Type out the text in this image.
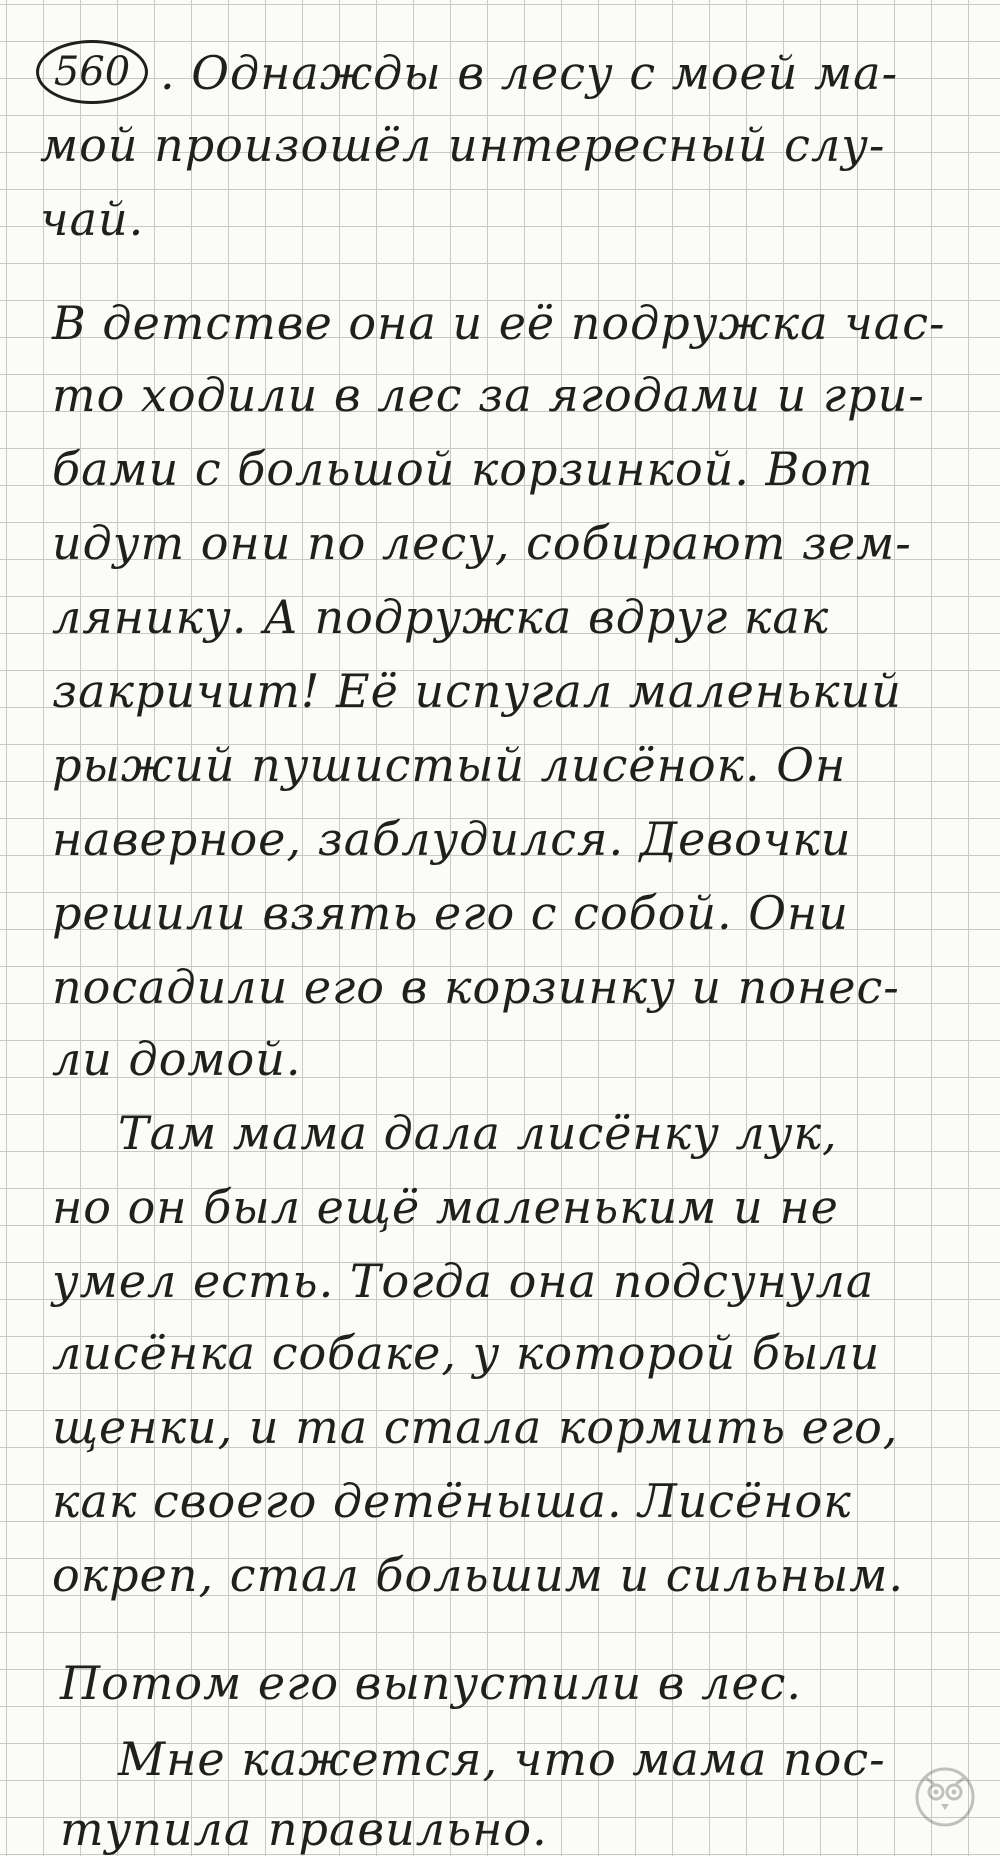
560 . Однажды в лесу с моей ма-
мой произошёл интересный слу-
чай.
В детстве она и её подружка час-
то ходили в лес за ягодами и гри-
бами с большой корзинкой. Вот
идут они по лесу, собирают зем-
лянику. А подружка вдруг как
закричит! Её испугал маленький
рыжий пушистый лисёнок. Он
наверное, заблудился. Девочки
решили взять его с собой. Они
посадили его в корзинку и понес-
ли домой.
Там мама дала лисёнку лук,
но он был ещё маленьким и не
умел есть. Тогда она подсунула
лисёнка собаке, у которой были
щенки, и та стала кормить его,
как своего детёныша. Лисёнок
окреп, стал большим и сильным.
Потом его выпустили в лес.
Мне кажется, что мама пос-
тупила правильно.
